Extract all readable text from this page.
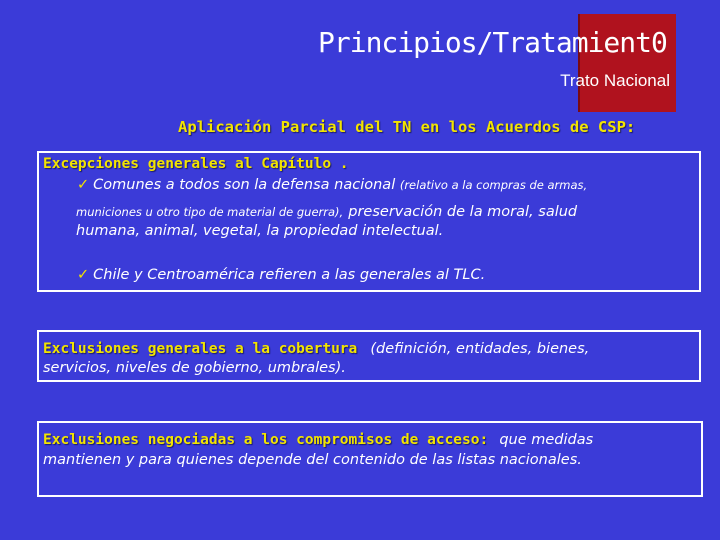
Principios/Tratamient0
Trato Nacional
Aplicación Parcial del TN en los Acuerdos de CSP:
Excepciones generales al Capítulo .
✓ Comunes a todos son la defensa nacional (relativo a la compras de armas,
municiones u otro tipo de material de guerra), preservación de la moral, salud
humana, animal, vegetal, la propiedad intelectual.
✓ Chile y Centroamérica refieren a las generales al TLC.
Exclusiones generales a la cobertura (definición, entidades, bienes,
servicios, niveles de gobierno, umbrales).
Exclusiones negociadas a los compromisos de acceso: que medidas
mantienen y para quienes depende del contenido de las listas nacionales.
